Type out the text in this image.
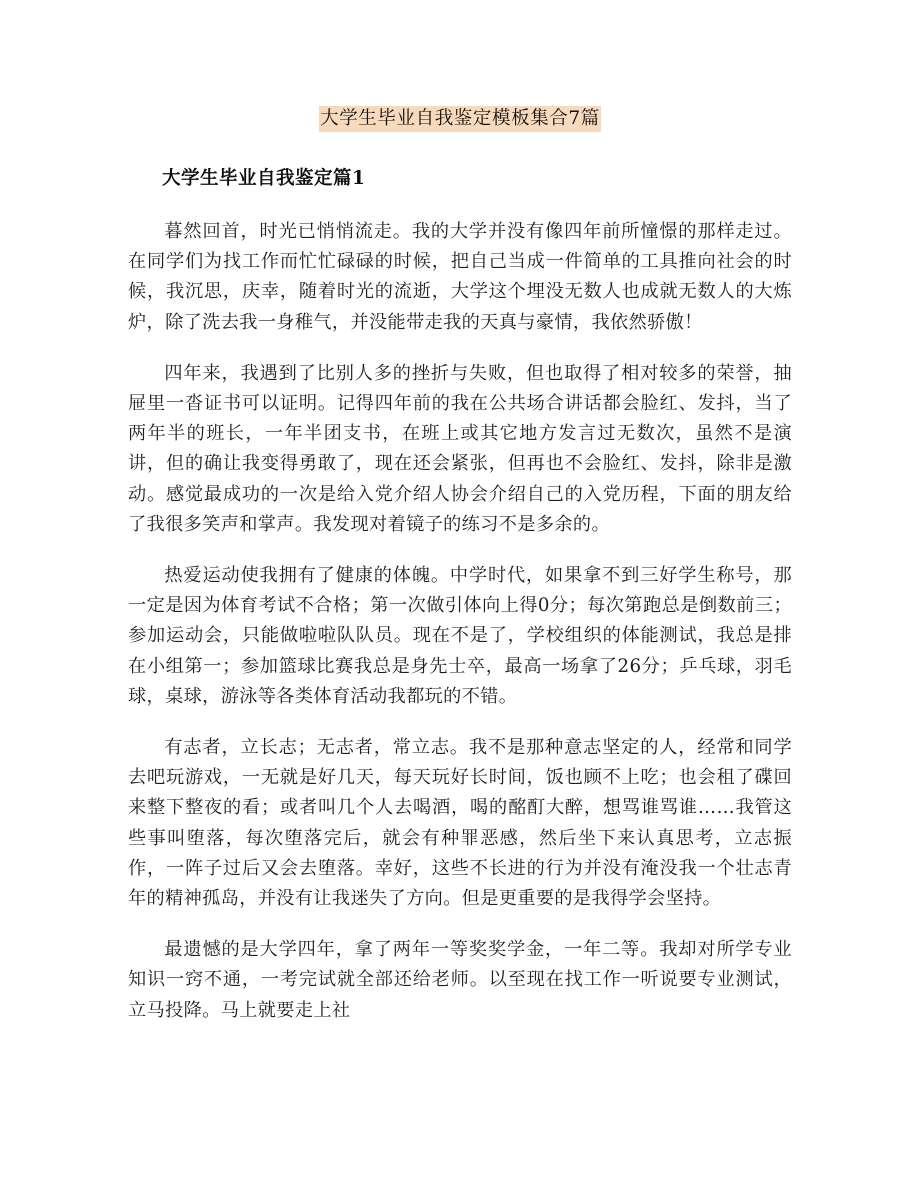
大学生毕业自我鉴定模板集合7篇
大学生毕业自我鉴定篇1

暮然回首，时光已悄悄流走。我的大学并没有像四年前所憧憬的那样走过。在同学们为找工作而忙忙碌碌的时候，把自己当成一件简单的工具推向社会的时候，我沉思，庆幸，随着时光的流逝，大学这个埋没无数人也成就无数人的大炼炉，除了洗去我一身稚气，并没能带走我的天真与豪情，我依然骄傲！

四年来，我遇到了比别人多的挫折与失败，但也取得了相对较多的荣誉，抽屉里一沓证书可以证明。记得四年前的我在公共场合讲话都会脸红、发抖，当了两年半的班长，一年半团支书，在班上或其它地方发言过无数次，虽然不是演讲，但的确让我变得勇敢了，现在还会紧张，但再也不会脸红、发抖，除非是激动。感觉最成功的一次是给入党介绍人协会介绍自己的入党历程，下面的朋友给了我很多笑声和掌声。我发现对着镜子的练习不是多余的。

热爱运动使我拥有了健康的体魄。中学时代，如果拿不到三好学生称号，那一定是因为体育考试不合格；第一次做引体向上得0分；每次第跑总是倒数前三；参加运动会，只能做啦啦队队员。现在不是了，学校组织的体能测试，我总是排在小组第一；参加篮球比赛我总是身先士卒，最高一场拿了26分；乒乓球，羽毛球，桌球，游泳等各类体育活动我都玩的不错。

有志者，立长志；无志者，常立志。我不是那种意志坚定的人，经常和同学去吧玩游戏，一无就是好几天，每天玩好长时间，饭也顾不上吃；也会租了碟回来整下整夜的看；或者叫几个人去喝酒，喝的酩酊大醉，想骂谁骂谁……我管这些事叫堕落，每次堕落完后，就会有种罪恶感，然后坐下来认真思考，立志振作，一阵子过后又会去堕落。幸好，这些不长进的行为并没有淹没我一个壮志青年的精神孤岛，并没有让我迷失了方向。但是更重要的是我得学会坚持。

最遗憾的是大学四年，拿了两年一等奖奖学金，一年二等。我却对所学专业知识一窍不通，一考完试就全部还给老师。以至现在找工作一听说要专业测试，立马投降。马上就要走上社
